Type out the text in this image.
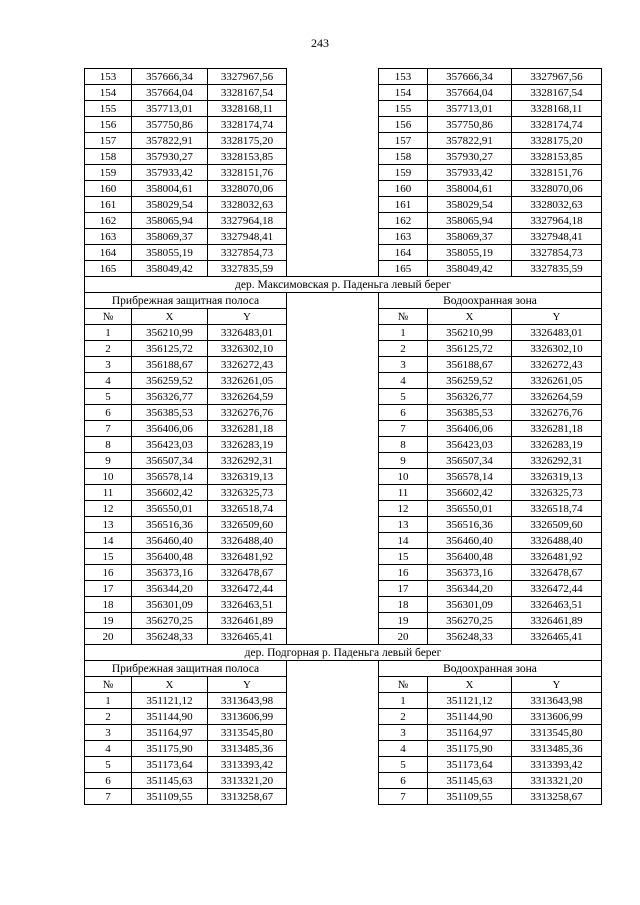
243
153	357666,34	3327967,56		153	357666,34	3327967,56
154	357664,04	3328167,54		154	357664,04	3328167,54
155	357713,01	3328168,11		155	357713,01	3328168,11
156	357750,86	3328174,74		156	357750,86	3328174,74
157	357822,91	3328175,20		157	357822,91	3328175,20
158	357930,27	3328153,85		158	357930,27	3328153,85
159	357933,42	3328151,76		159	357933,42	3328151,76
160	358004,61	3328070,06		160	358004,61	3328070,06
161	358029,54	3328032,63		161	358029,54	3328032,63
162	358065,94	3327964,18		162	358065,94	3327964,18
163	358069,37	3327948,41		163	358069,37	3327948,41
164	358055,19	3327854,73		164	358055,19	3327854,73
165	358049,42	3327835,59		165	358049,42	3327835,59
дер. Максимовская р. Паденьга левый берег						
Прибрежная защитная полоса				Водоохранная зона		
№	X	Y		№	X	Y
1	356210,99	3326483,01		1	356210,99	3326483,01
2	356125,72	3326302,10		2	356125,72	3326302,10
3	356188,67	3326272,43		3	356188,67	3326272,43
4	356259,52	3326261,05		4	356259,52	3326261,05
5	356326,77	3326264,59		5	356326,77	3326264,59
6	356385,53	3326276,76		6	356385,53	3326276,76
7	356406,06	3326281,18		7	356406,06	3326281,18
8	356423,03	3326283,19		8	356423,03	3326283,19
9	356507,34	3326292,31		9	356507,34	3326292,31
10	356578,14	3326319,13		10	356578,14	3326319,13
11	356602,42	3326325,73		11	356602,42	3326325,73
12	356550,01	3326518,74		12	356550,01	3326518,74
13	356516,36	3326509,60		13	356516,36	3326509,60
14	356460,40	3326488,40		14	356460,40	3326488,40
15	356400,48	3326481,92		15	356400,48	3326481,92
16	356373,16	3326478,67		16	356373,16	3326478,67
17	356344,20	3326472,44		17	356344,20	3326472,44
18	356301,09	3326463,51		18	356301,09	3326463,51
19	356270,25	3326461,89		19	356270,25	3326461,89
20	356248,33	3326465,41		20	356248,33	3326465,41
дер. Подгорная р. Паденьга левый берег						
Прибрежная защитная полоса				Водоохранная зона		
№	X	Y		№	X	Y
1	351121,12	3313643,98		1	351121,12	3313643,98
2	351144,90	3313606,99		2	351144,90	3313606,99
3	351164,97	3313545,80		3	351164,97	3313545,80
4	351175,90	3313485,36		4	351175,90	3313485,36
5	351173,64	3313393,42		5	351173,64	3313393,42
6	351145,63	3313321,20		6	351145,63	3313321,20
7	351109,55	3313258,67		7	351109,55	3313258,67
